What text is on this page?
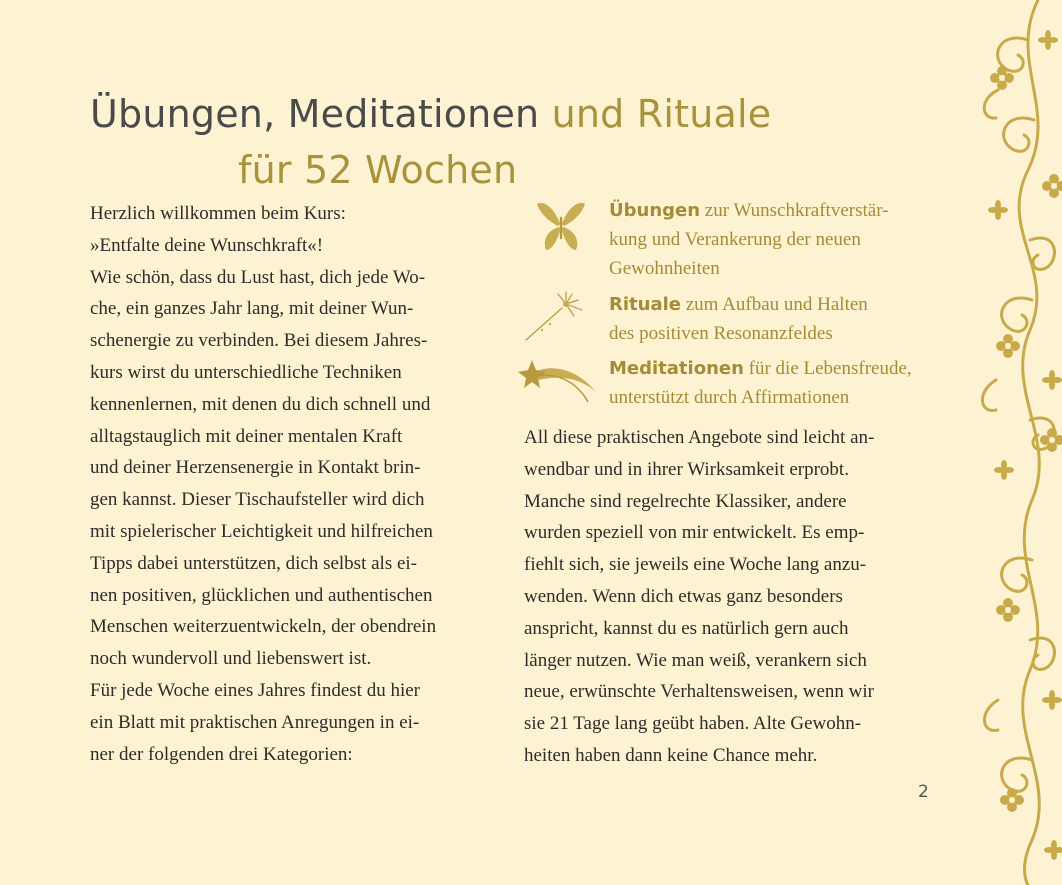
Übungen, Meditationen und Rituale
für 52 Wochen

Herzlich willkommen beim Kurs:

»Entfalte deine Wunschkraft«!

Wie schön, dass du Lust hast, dich jede Wo-

che, ein ganzes Jahr lang, mit deiner Wun-

schenergie zu verbinden. Bei diesem Jahres-

kurs wirst du unterschiedliche Techniken

kennenlernen, mit denen du dich schnell und

alltagstauglich mit deiner mentalen Kraft

und deiner Herzensenergie in Kontakt brin-

gen kannst. Dieser Tischaufsteller wird dich

mit spielerischer Leichtigkeit und hilfreichen

Tipps dabei unterstützen, dich selbst als ei-

nen positiven, glücklichen und authentischen

Menschen weiterzuentwickeln, der obendrein

noch wundervoll und liebenswert ist.

Für jede Woche eines Jahres findest du hier

ein Blatt mit praktischen Anregungen in ei-

ner der folgenden drei Kategorien:

Übungen zur Wunschkraftverstär-

kung und Verankerung der neuen

Gewohnheiten

Rituale zum Aufbau und Halten

des positiven Resonanzfeldes

Meditationen für die Lebensfreude,

unterstützt durch Affirmationen

All diese praktischen Angebote sind leicht an-

wendbar und in ihrer Wirksamkeit erprobt.

Manche sind regelrechte Klassiker, andere

wurden speziell von mir entwickelt. Es emp-

fiehlt sich, sie jeweils eine Woche lang anzu-

wenden. Wenn dich etwas ganz besonders

anspricht, kannst du es natürlich gern auch

länger nutzen. Wie man weiß, verankern sich

neue, erwünschte Verhaltensweisen, wenn wir

sie 21 Tage lang geübt haben. Alte Gewohn-

heiten haben dann keine Chance mehr.

2
